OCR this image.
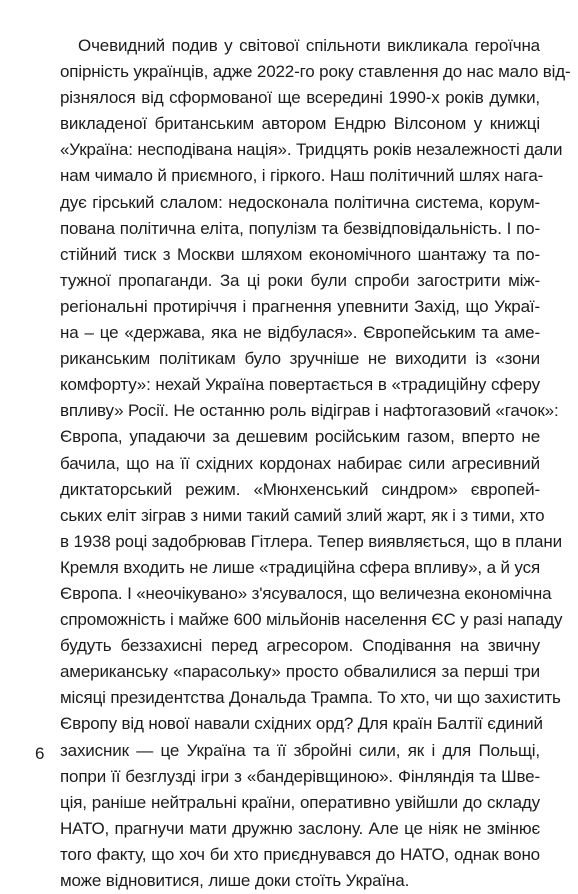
Очевидний подив у світової спільноти викликала героїчна
опірність українців, адже 2022-го року ставлення до нас мало від-
різнялося від сформованої ще всередині 1990-х років думки,
викладеної британським автором Ендрю Вілсоном у книжці
«Україна: несподівана нація». Тридцять років незалежності дали
нам чимало й приємного, і гіркого. Наш політичний шлях нага-
дує гірський слалом: недосконала політична система, корум-
пована політична еліта, популізм та безвідповідальність. І по-
стійний тиск з Москви шляхом економічного шантажу та по-
тужної пропаганди. За ці роки були спроби загострити між-
регіональні протиріччя і прагнення упевнити Захід, що Украї-
на – це «держава, яка не відбулася». Європейським та аме-
риканським політикам було зручніше не виходити із «зони
комфорту»: нехай Україна повертається в «традиційну сферу
впливу» Росії. Не останню роль відіграв і нафтогазовий «гачок»:
Європа, упадаючи за дешевим російським газом, вперто не
бачила, що на її східних кордонах набирає сили агресивний
диктаторський режим. «Мюнхенський синдром» європей-
ських еліт зіграв з ними такий самий злий жарт, як і з тими, хто
в 1938 році задобрював Гітлера. Тепер виявляється, що в плани
Кремля входить не лише «традиційна сфера впливу», а й уся
Європа. І «неочікувано» з'ясувалося, що величезна економічна
спроможність і майже 600 мільйонів населення ЄС у разі нападу
будуть беззахисні перед агресором. Сподівання на звичну
американську «парасольку» просто обвалилися за перші три
місяці президентства Дональда Трампа. То хто, чи що захистить
Європу від нової навали східних орд? Для країн Балтії єдиний
захисник — це Україна та її збройні сили, як і для Польщі,
попри її безглузді ігри з «бандерівщиною». Фінляндія та Шве-
ція, раніше нейтральні країни, оперативно увійшли до складу
НАТО, прагнучи мати дружню заслону. Але це ніяк не змінює
того факту, що хоч би хто приєднувався до НАТО, однак воно
може відновитися, лише доки стоїть Україна.
6
